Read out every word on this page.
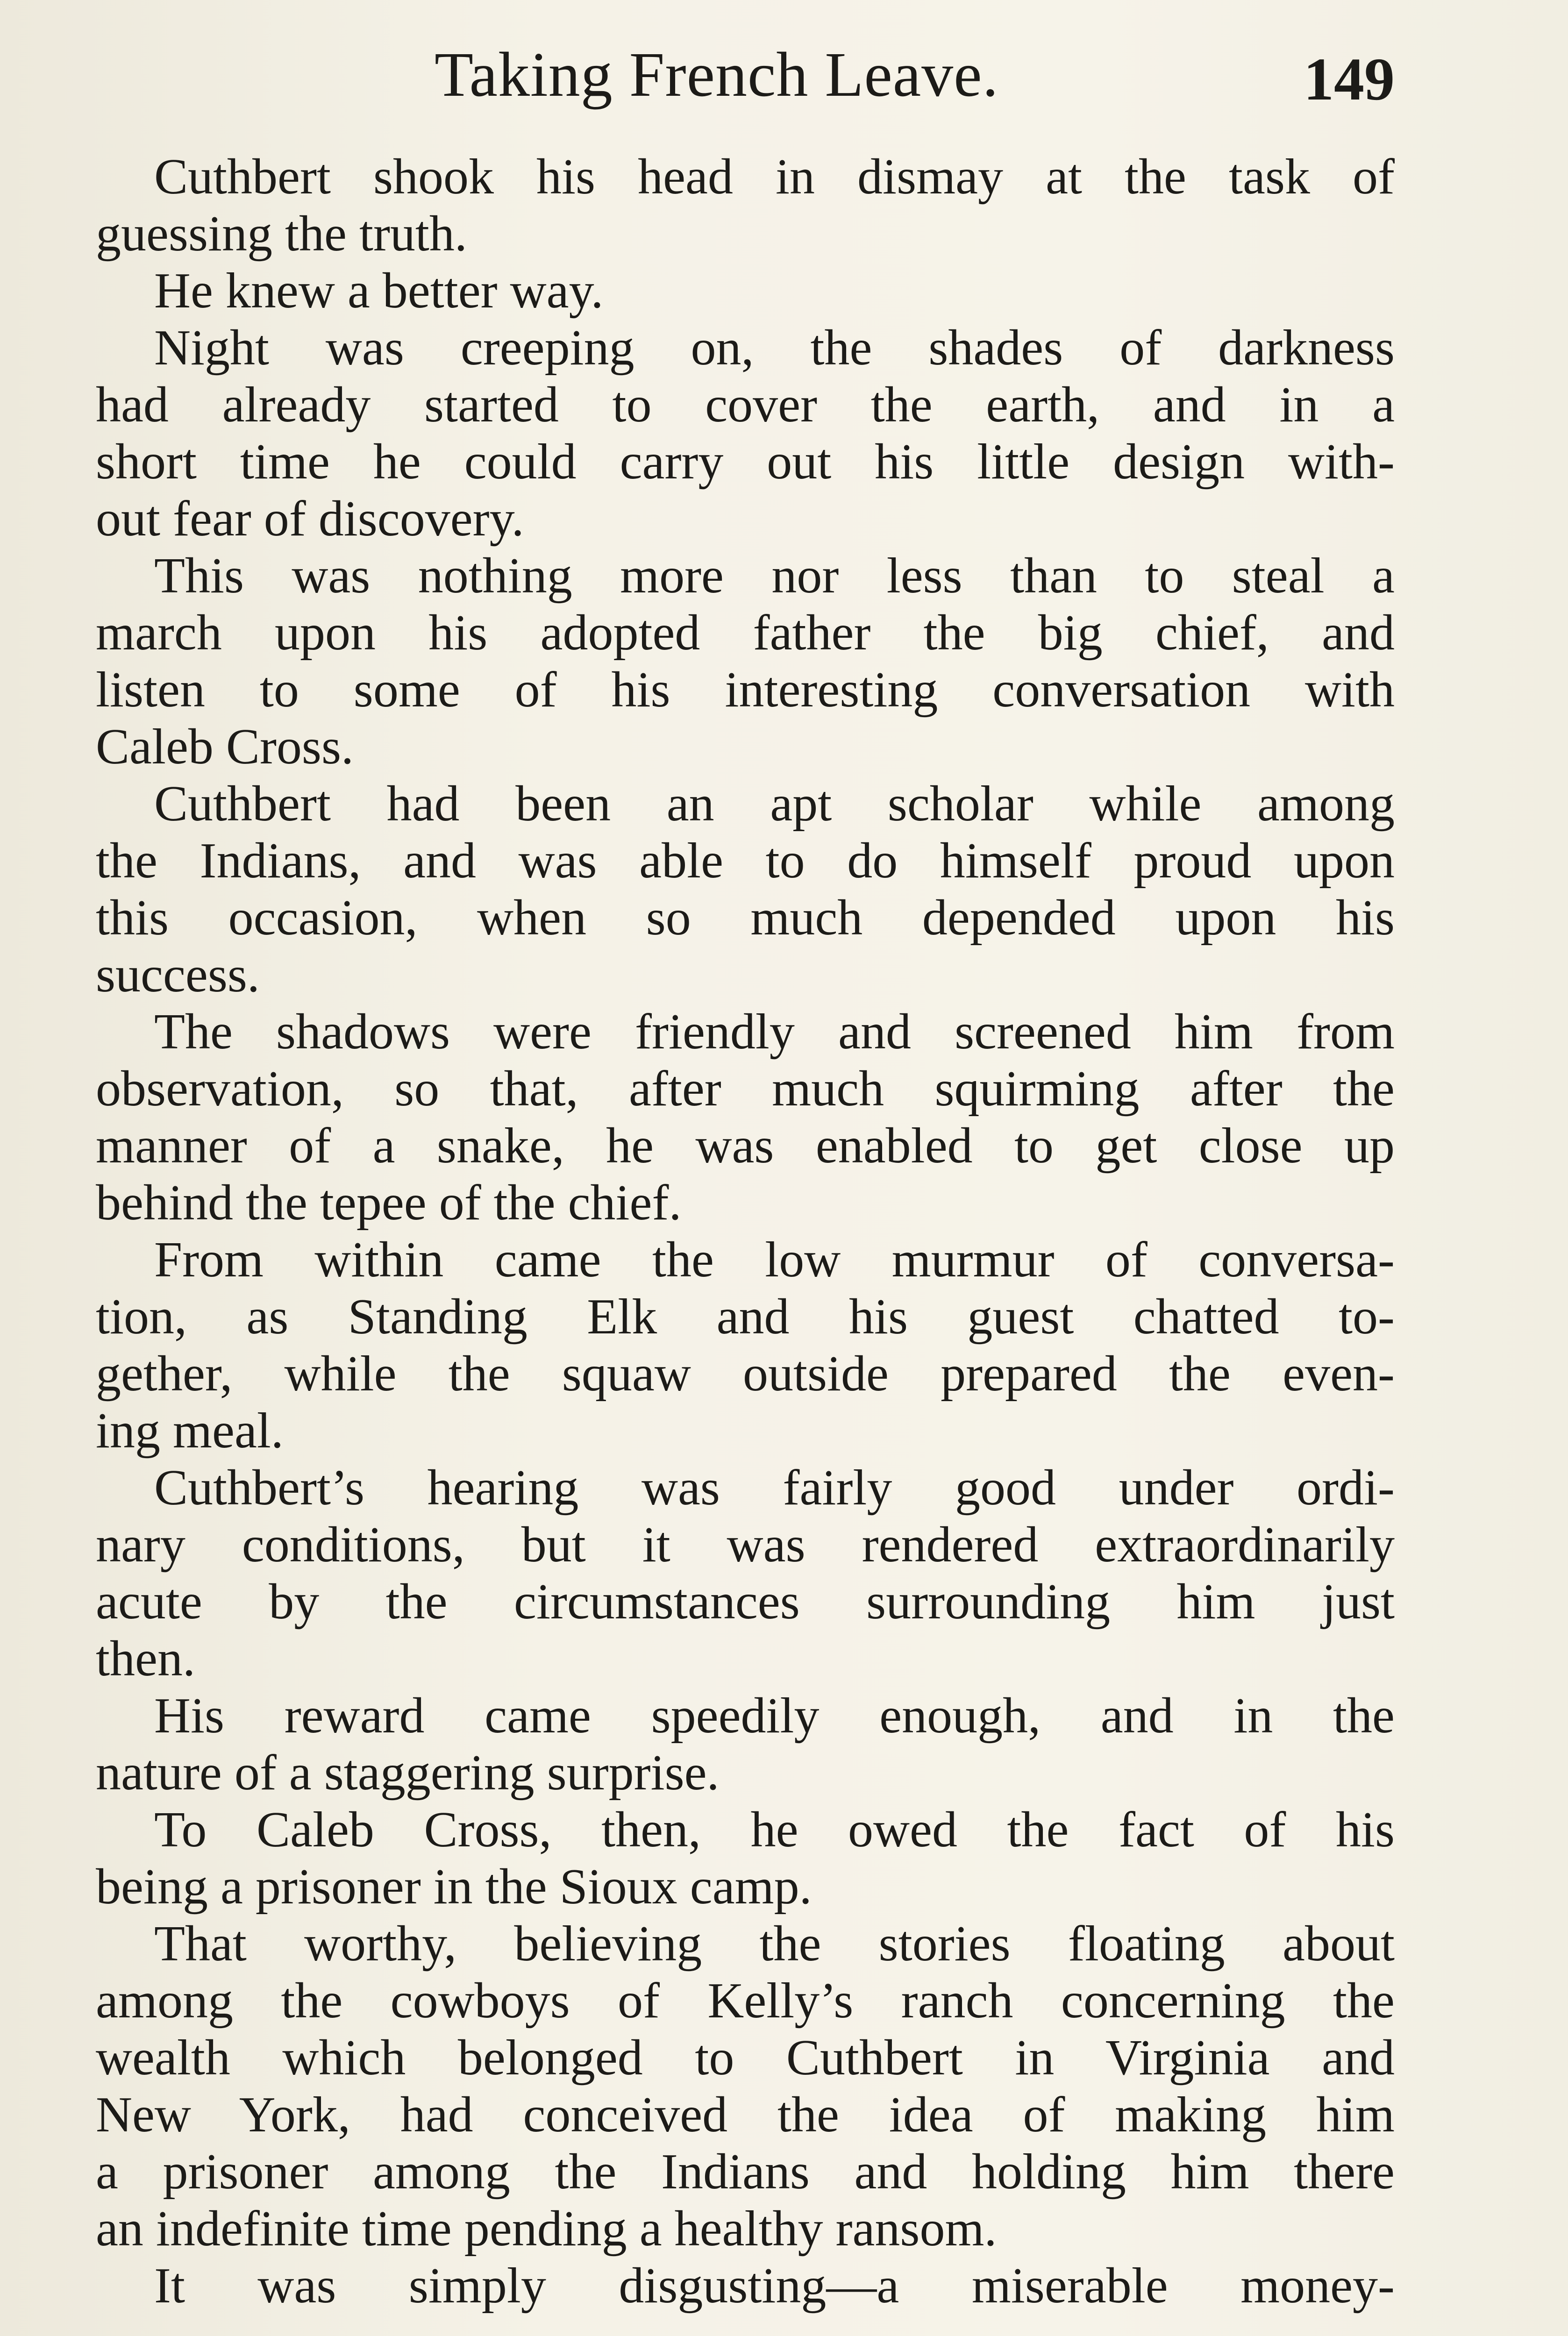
Taking French Leave.	149
Cuthbert shook his head in dismay at the task of
guessing the truth.
He knew a better way.
Night was creeping on, the shades of darkness
had already started to cover the earth, and in a
short time he could carry out his little design with-
out fear of discovery.
This was nothing more nor less than to steal a
march upon his adopted father the big chief, and
listen to some of his interesting conversation with
Caleb Cross.
Cuthbert had been an apt scholar while among
the Indians, and was able to do himself proud upon
this occasion, when so much depended upon his
success.
The shadows were friendly and screened him from
observation, so that, after much squirming after the
manner of a snake, he was enabled to get close up
behind the tepee of the chief.
From within came the low murmur of conversa-
tion, as Standing Elk and his guest chatted to-
gether, while the squaw outside prepared the even-
ing meal.
Cuthbert’s hearing was fairly good under ordi-
nary conditions, but it was rendered extraordinarily
acute by the circumstances surrounding him just
then.
His reward came speedily enough, and in the
nature of a staggering surprise.
To Caleb Cross, then, he owed the fact of his
being a prisoner in the Sioux camp.
That worthy, believing the stories floating about
among the cowboys of Kelly’s ranch concerning the
wealth which belonged to Cuthbert in Virginia and
New York, had conceived the idea of making him
a prisoner among the Indians and holding him there
an indefinite time pending a healthy ransom.
It was simply disgusting—a miserable money-
